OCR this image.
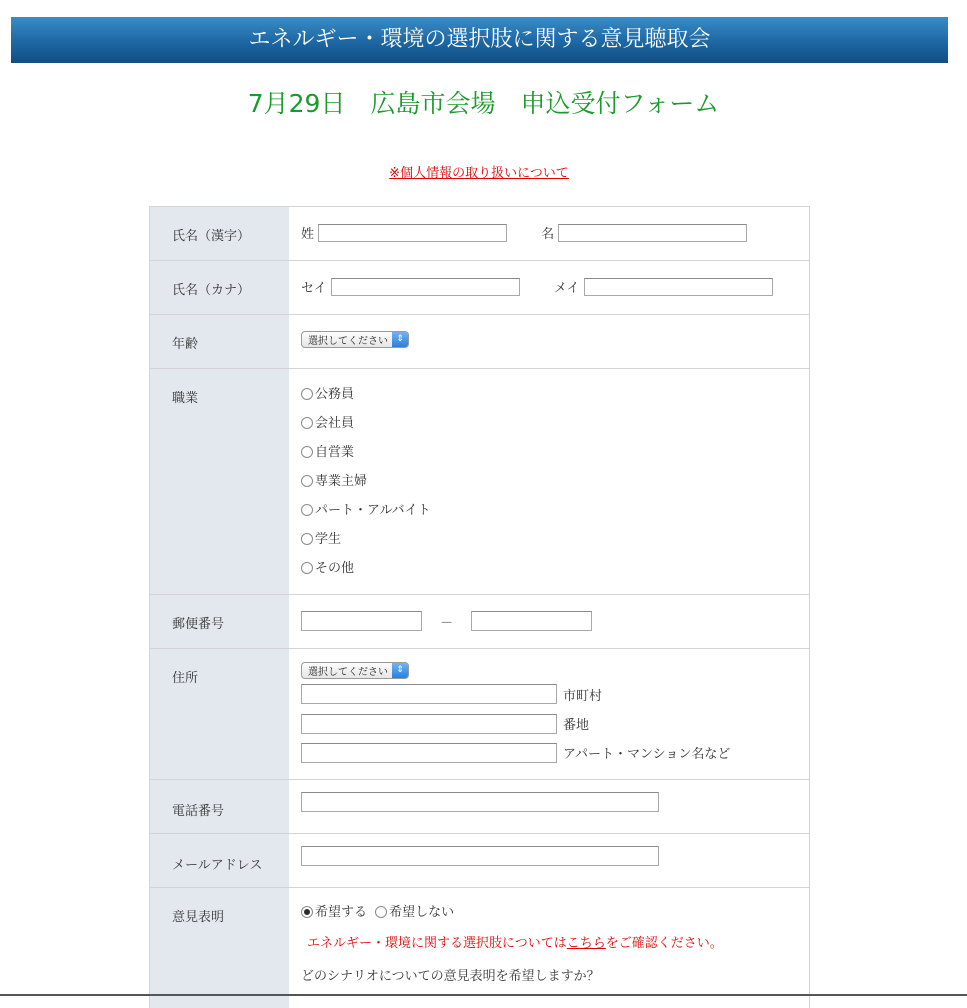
エネルギー・環境の選択肢に関する意見聴取会
7月29日　広島市会場　申込受付フォーム
※個人情報の取り扱いについて
氏名（漢字）	姓	名
氏名（カナ）	セイ	メイ
年齢	選択してください ⇕
職業	公務員
会社員
自営業
専業主婦
パート・アルバイト
学生
その他
郵便番号	－
住所	選択してください ⇕
市町村
番地
アパート・マンション名など
電話番号
メールアドレス
意見表明	希望する 希望しない
エネルギー・環境に関する選択肢についてはこちらをご確認ください。
どのシナリオについての意見表明を希望しますか？
